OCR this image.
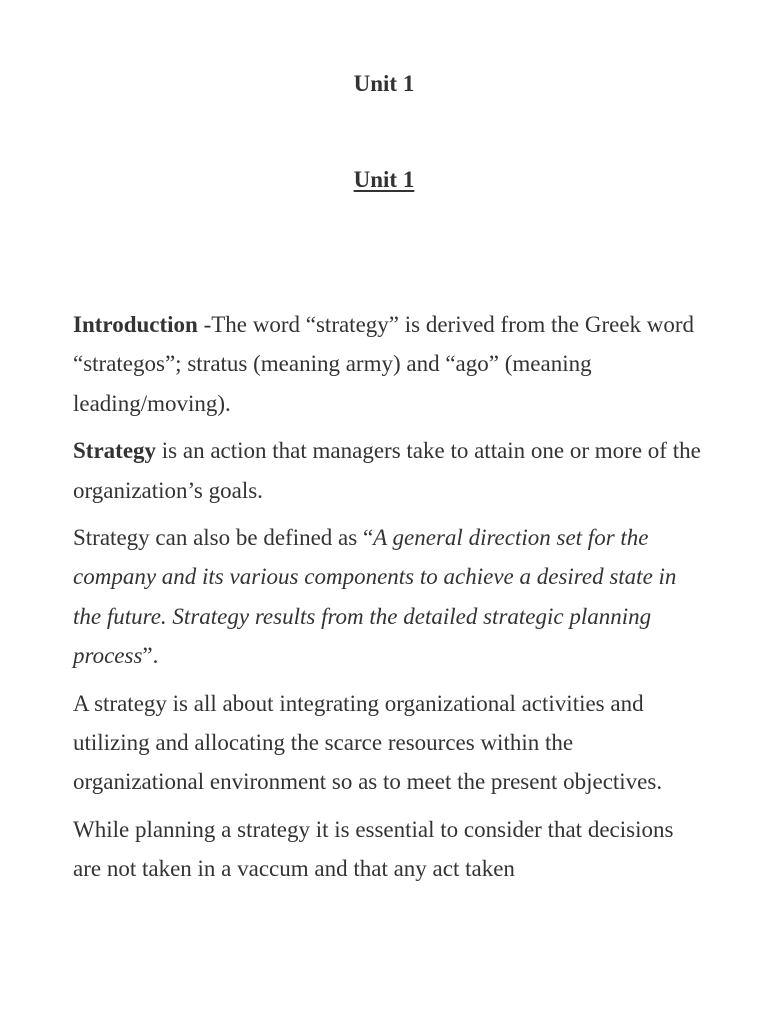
Unit 1
Unit 1

Introduction -The word “strategy” is derived from the Greek word “strategos”; stratus (meaning army) and “ago” (meaning leading/moving).

Strategy is an action that managers take to attain one or more of the organization’s goals.

Strategy can also be defined as “A general direction set for the company and its various components to achieve a desired state in the future. Strategy results from the detailed strategic planning process”.

A strategy is all about integrating organizational activities and utilizing and allocating the scarce resources within the organizational environment so as to meet the present objectives.

While planning a strategy it is essential to consider that decisions are not taken in a vaccum and that any act taken
